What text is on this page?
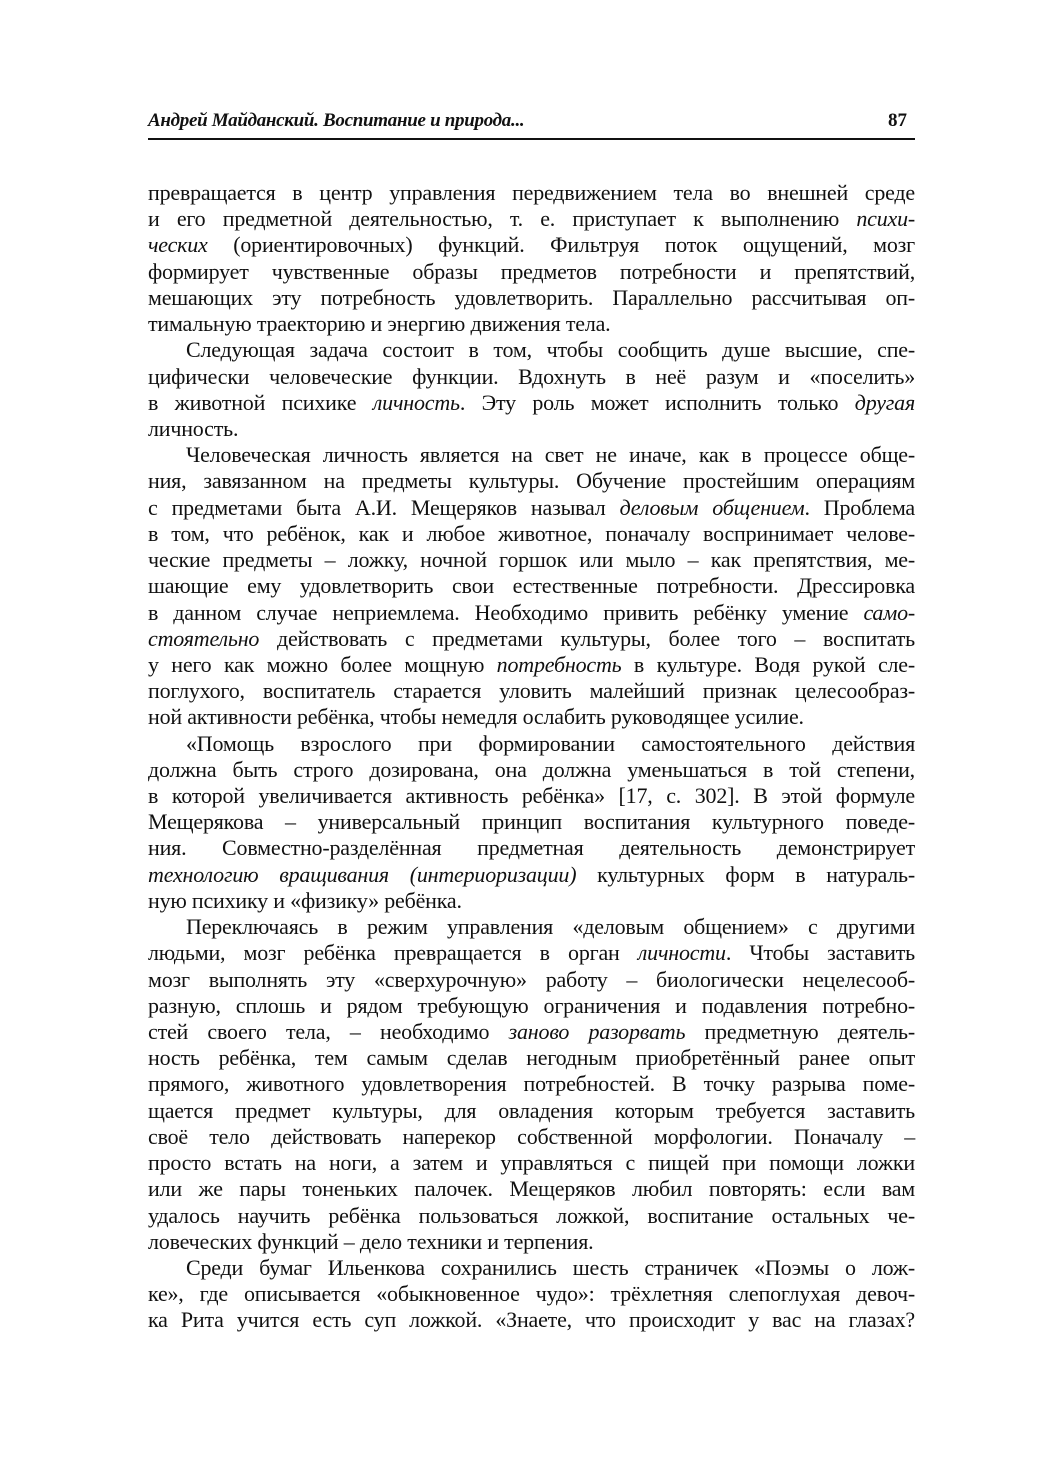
Андрей Майданский. Воспитание и природа...	87
превращается в центр управления передвижением тела во внешней среде
и его предметной деятельностью, т. е. приступает к выполнению психи-
ческих (ориентировочных) функций. Фильтруя поток ощущений, мозг
формирует чувственные образы предметов потребности и препятствий,
мешающих эту потребность удовлетворить. Параллельно рассчитывая оп-
тимальную траекторию и энергию движения тела.
Следующая задача состоит в том, чтобы сообщить душе высшие, спе-
цифически человеческие функции. Вдохнуть в неё разум и «поселить»
в животной психике личность. Эту роль может исполнить только другая
личность.
Человеческая личность является на свет не иначе, как в процессе обще-
ния, завязанном на предметы культуры. Обучение простейшим операциям
с предметами быта А.И. Мещеряков называл деловым общением. Проблема
в том, что ребёнок, как и любое животное, поначалу воспринимает челове-
ческие предметы – ложку, ночной горшок или мыло – как препятствия, ме-
шающие ему удовлетворить свои естественные потребности. Дрессировка
в данном случае неприемлема. Необходимо привить ребёнку умение само-
стоятельно действовать с предметами культуры, более того – воспитать
у него как можно более мощную потребность в культуре. Водя рукой сле-
поглухого, воспитатель старается уловить малейший признак целесообраз-
ной активности ребёнка, чтобы немедля ослабить руководящее усилие.
«Помощь взрослого при формировании самостоятельного действия
должна быть строго дозирована, она должна уменьшаться в той степени,
в которой увеличивается активность ребёнка» [17, с. 302]. В этой формуле
Мещерякова – универсальный принцип воспитания культурного поведе-
ния. Совместно-разделённая предметная деятельность демонстрирует
технологию вращивания (интериоризации) культурных форм в натураль-
ную психику и «физику» ребёнка.
Переключаясь в режим управления «деловым общением» с другими
людьми, мозг ребёнка превращается в орган личности. Чтобы заставить
мозг выполнять эту «сверхурочную» работу – биологически нецелесооб-
разную, сплошь и рядом требующую ограничения и подавления потребно-
стей своего тела, – необходимо заново разорвать предметную деятель-
ность ребёнка, тем самым сделав негодным приобретённый ранее опыт
прямого, животного удовлетворения потребностей. В точку разрыва поме-
щается предмет культуры, для овладения которым требуется заставить
своё тело действовать наперекор собственной морфологии. Поначалу –
просто встать на ноги, а затем и управляться с пищей при помощи ложки
или же пары тоненьких палочек. Мещеряков любил повторять: если вам
удалось научить ребёнка пользоваться ложкой, воспитание остальных че-
ловеческих функций – дело техники и терпения.
Среди бумаг Ильенкова сохранились шесть страничек «Поэмы о лож-
ке», где описывается «обыкновенное чудо»: трёхлетняя слепоглухая девоч-
ка Рита учится есть суп ложкой. «Знаете, что происходит у вас на глазах?
